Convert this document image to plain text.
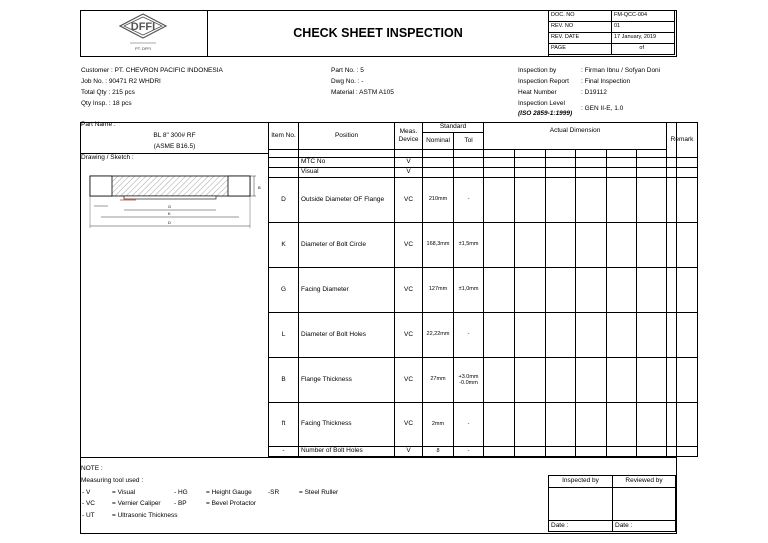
DFFI
PT. DFFI
CHECK SHEET INSPECTION
DOC. NO	FM-QCC-004

REV. NO	01

REV. DATE	17 January, 2019

PAGE	of
Customer : PT. CHEVRON PACIFIC INDONESIA
Job No. : 90471 R2 WHDRI
Total Qty : 215 pcs
Qty Insp. : 18 pcs
Part No. : 5
Dwg No. : -
Material : ASTM A105
Inspection by	: Firman Ibnu / Sofyan Doni
Inspection Report : Final Inspection
Heat Number	: D19112
Inspection Level
(ISO 2859-1:1999)
: GEN II-E, 1.0
Item No.	Position	Meas. Device	Standard		Actual Dimension						Remark

Nominal	Tol							

MTC No	V									

Visual	V									

D	Outside Diameter OF Flange	VC	210mm	-							

K	Diameter of Bolt Circle	VC	168,3mm	±1,5mm							

G	Facing Diameter	VC	127mm	±1,0mm							

L	Diameter of Bolt Holes	VC	22,22mm	-							

B	Flange Thickness	VC	27mm	+3.0mm
-0.0mm							

ft	Facing Thickness	VC	2mm	-							

-	Number of Bolt Holes	V	8	-							

Part Name :
BL 8" 300# RF
(ASME B16.5)
Drawing / Sketch :
B
G
K
D
NOTE :
Measuring tool used :
- V	= Visual
- VC	= Vernier Caliper
- UT	= Ultrasonic Thickness
- HG	= Height Gauge
- BP	= Bevel Protactor
-SR	= Steel Ruller
Inspected by	Reviewed by

Date :	Date :
